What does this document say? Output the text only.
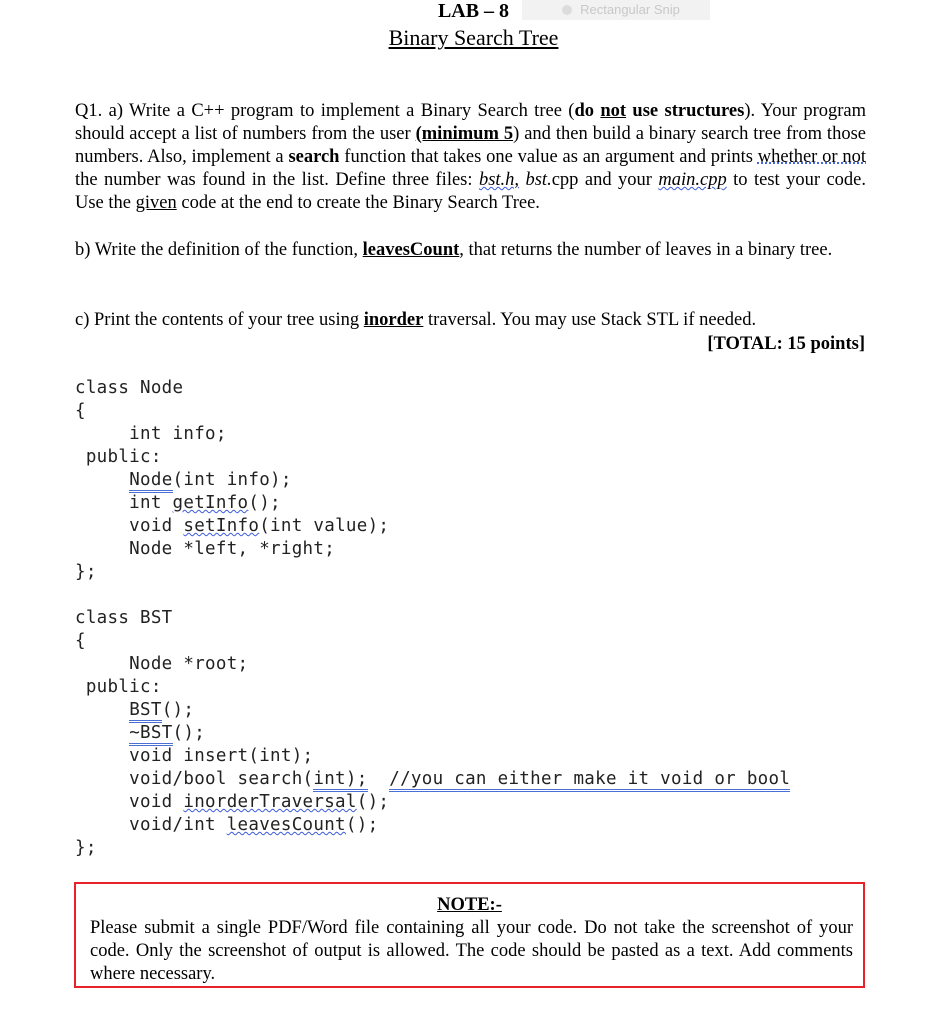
LAB – 8	Rectangular Snip
Binary Search Tree
Q1. a) Write a C++ program to implement a Binary Search tree (do not use structures). Your program should accept a list of numbers from the user (minimum 5) and then build a binary search tree from those numbers. Also, implement a search function that takes one value as an argument and prints whether or not the number was found in the list. Define three files: bst.h, bst.cpp and your main.cpp to test your code. Use the given code at the end to create the Binary Search Tree.
b) Write the definition of the function, leavesCount, that returns the number of leaves in a binary tree.
c) Print the contents of your tree using inorder traversal. You may use Stack STL if needed.
[TOTAL: 15 points]
class Node
{
int info;
public:
Node(int info);
int getInfo();
void setInfo(int value);
Node *left, *right;
};
class BST
{
Node *root;
public:
BST();
~BST();
void insert(int);
void/bool search(int); //you can either make it void or bool
void inorderTraversal();
void/int leavesCount();
};
NOTE:-
Please submit a single PDF/Word file containing all your code. Do not take the screenshot of your code. Only the screenshot of output is allowed. The code should be pasted as a text. Add comments where necessary.
